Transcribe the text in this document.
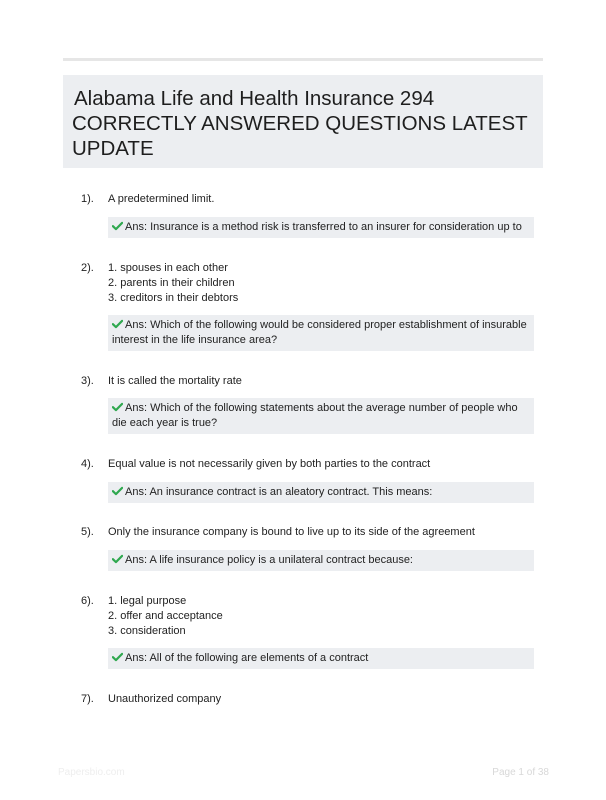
Alabama Life and Health Insurance 294
CORRECTLY ANSWERED QUESTIONS LATEST
UPDATE
1). A predetermined limit.
Ans: Insurance is a method risk is transferred to an insurer for consideration up to
2). 1. spouses in each other
2. parents in their children
3. creditors in their debtors
Ans: Which of the following would be considered proper establishment of insurable interest in the life insurance area?
3). It is called the mortality rate
Ans: Which of the following statements about the average number of people who die each year is true?
4). Equal value is not necessarily given by both parties to the contract
Ans: An insurance contract is an aleatory contract. This means:
5). Only the insurance company is bound to live up to its side of the agreement
Ans: A life insurance policy is a unilateral contract because:
6). 1. legal purpose
2. offer and acceptance
3. consideration
Ans: All of the following are elements of a contract
7). Unauthorized company
Papersbio.com	Page 1 of 38
